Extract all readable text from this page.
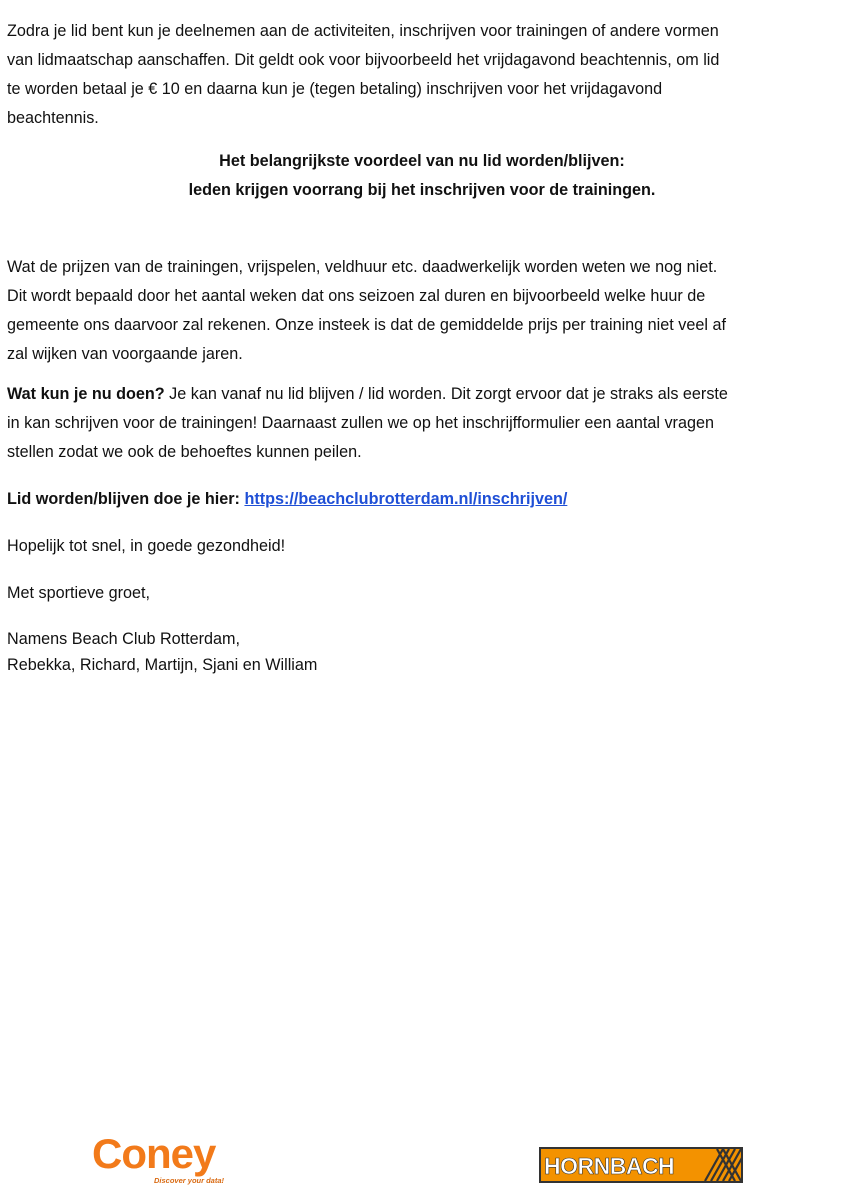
Zodra je lid bent kun je deelnemen aan de activiteiten, inschrijven voor trainingen of andere vormen
van lidmaatschap aanschaffen. Dit geldt ook voor bijvoorbeeld het vrijdagavond beachtennis, om lid
te worden betaal je € 10 en daarna kun je (tegen betaling) inschrijven voor het vrijdagavond
beachtennis.
Het belangrijkste voordeel van nu lid worden/blijven:
leden krijgen voorrang bij het inschrijven voor de trainingen.
Wat de prijzen van de trainingen, vrijspelen, veldhuur etc. daadwerkelijk worden weten we nog niet.
Dit wordt bepaald door het aantal weken dat ons seizoen zal duren en bijvoorbeeld welke huur de
gemeente ons daarvoor zal rekenen. Onze insteek is dat de gemiddelde prijs per training niet veel af
zal wijken van voorgaande jaren.
Wat kun je nu doen? Je kan vanaf nu lid blijven / lid worden. Dit zorgt ervoor dat je straks als eerste
in kan schrijven voor de trainingen! Daarnaast zullen we op het inschrijfformulier een aantal vragen
stellen zodat we ook de behoeftes kunnen peilen.
Lid worden/blijven doe je hier: https://beachclubrotterdam.nl/inschrijven/
Hopelijk tot snel, in goede gezondheid!
Met sportieve groet,
Namens Beach Club Rotterdam,
Rebekka, Richard, Martijn, Sjani en William
Coney
Discover your data!
HORNBACH
